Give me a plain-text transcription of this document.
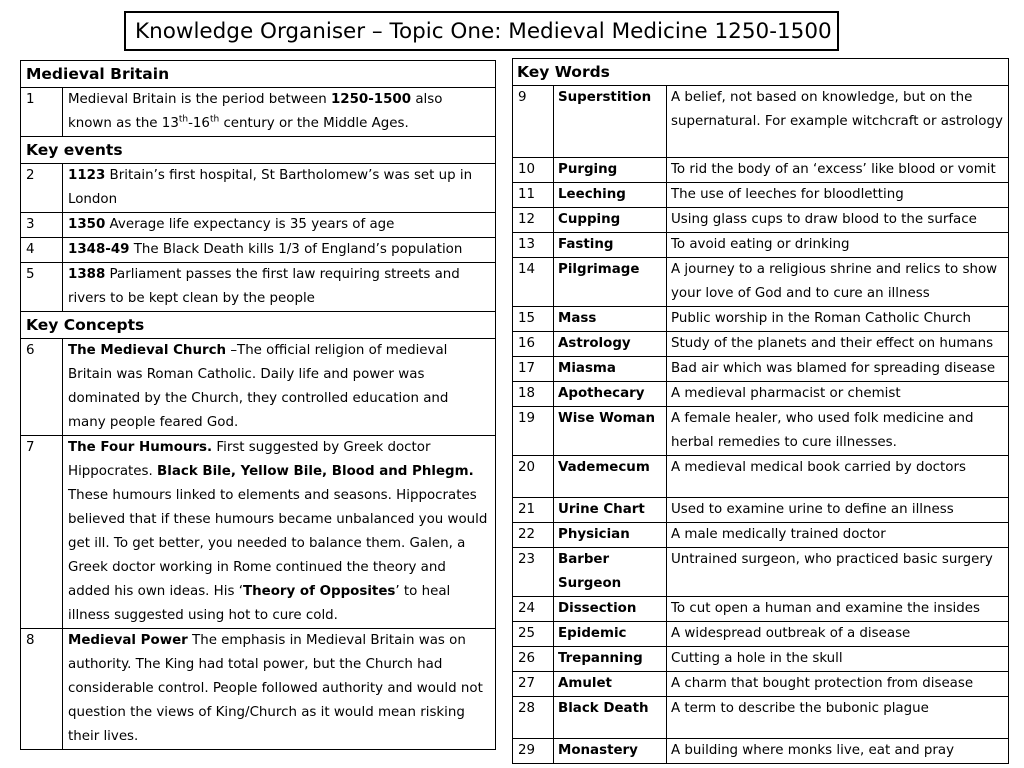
Knowledge Organiser – Topic One: Medieval Medicine 1250-1500
Medieval Britain	
1	Medieval Britain is the period between 1250-1500 also known as the 13th-16th century or the Middle Ages.
Key events	
2	1123 Britain’s first hospital, St Bartholomew’s was set up in London
3	1350 Average life expectancy is 35 years of age
4	1348-49 The Black Death kills 1/3 of England’s population
5	1388 Parliament passes the first law requiring streets and rivers to be kept clean by the people
Key Concepts	
6	The Medieval Church –The official religion of medieval Britain was Roman Catholic. Daily life and power was dominated by the Church, they controlled education and many people feared God.
7	The Four Humours. First suggested by Greek doctor Hippocrates. Black Bile, Yellow Bile, Blood and Phlegm. These humours linked to elements and seasons. Hippocrates believed that if these humours became unbalanced you would get ill. To get better, you needed to balance them. Galen, a Greek doctor working in Rome continued the theory and added his own ideas. His ‘Theory of Opposites’ to heal illness suggested using hot to cure cold.
8	Medieval Power The emphasis in Medieval Britain was on authority. The King had total power, but the Church had considerable control. People followed authority and would not question the views of King/Church as it would mean risking their lives.
Key Words		
9	Superstition	A belief, not based on knowledge, but on the supernatural. For example witchcraft or astrology
10	Purging	To rid the body of an ‘excess’ like blood or vomit
11	Leeching	The use of leeches for bloodletting
12	Cupping	Using glass cups to draw blood to the surface
13	Fasting	To avoid eating or drinking
14	Pilgrimage	A journey to a religious shrine and relics to show your love of God and to cure an illness
15	Mass	Public worship in the Roman Catholic Church
16	Astrology	Study of the planets and their effect on humans
17	Miasma	Bad air which was blamed for spreading disease
18	Apothecary	A medieval pharmacist or chemist
19	Wise Woman	A female healer, who used folk medicine and herbal remedies to cure illnesses.
20	Vademecum	A medieval medical book carried by doctors
21	Urine Chart	Used to examine urine to define an illness
22	Physician	A male medically trained doctor
23	Barber Surgeon	Untrained surgeon, who practiced basic surgery
24	Dissection	To cut open a human and examine the insides
25	Epidemic	A widespread outbreak of a disease
26	Trepanning	Cutting a hole in the skull
27	Amulet	A charm that bought protection from disease
28	Black Death	A term to describe the bubonic plague
29	Monastery	A building where monks live, eat and pray
